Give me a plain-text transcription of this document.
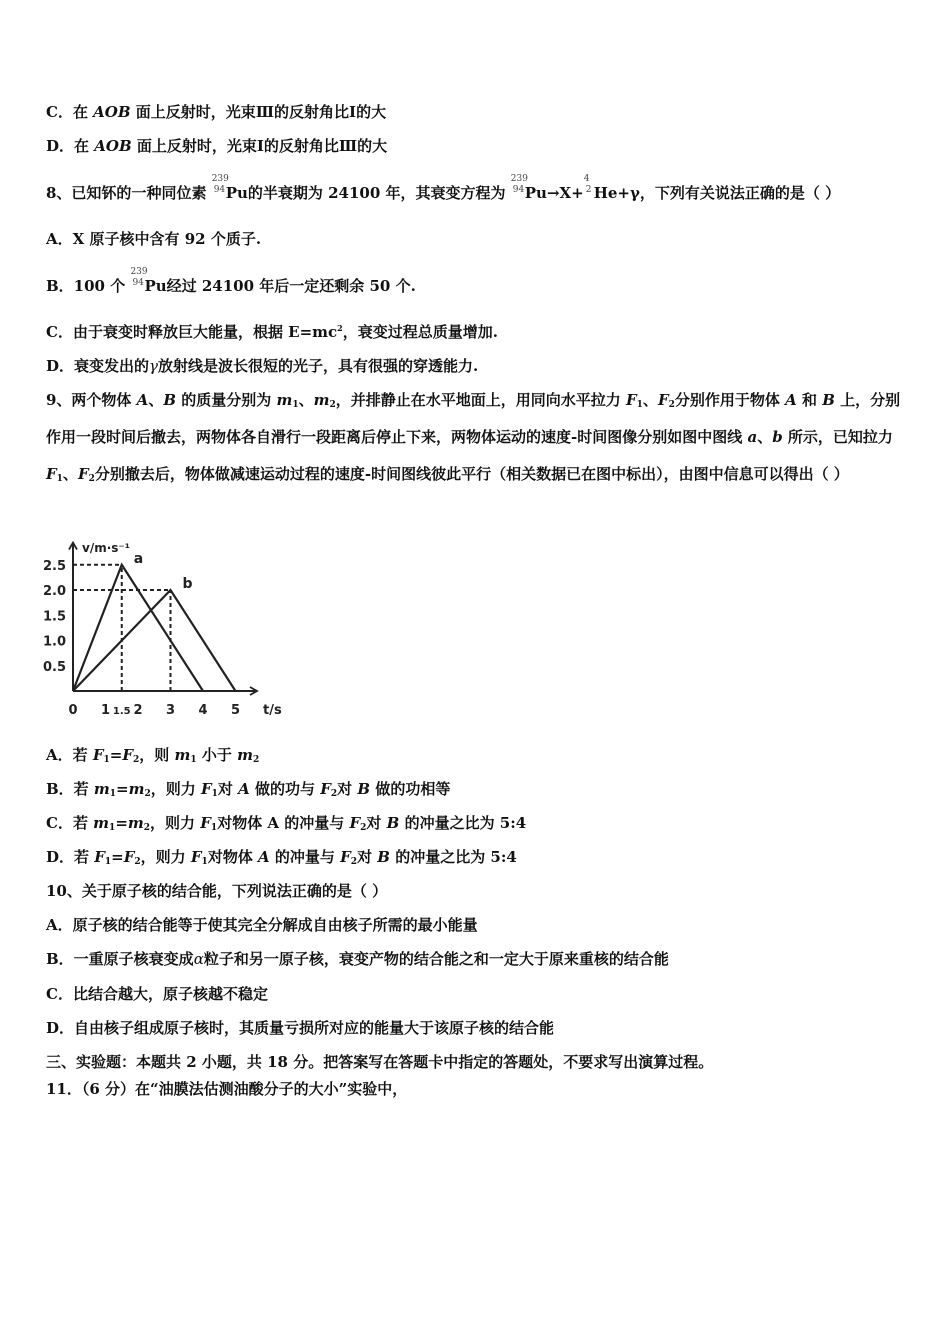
C．在 AOB 面上反射时，光束Ⅲ的反射角比Ⅰ的大
D．在 AOB 面上反射时，光束Ⅰ的反射角比Ⅲ的大
8、已知钚的一种同位素
239
94 Pu的半衰期为 24100 年，其衰变方程为
239
94 Pu→X+
4
2 He+γ，下列有关说法正确的是（ ）
A．X 原子核中含有 92 个质子.
B．100 个
239
94 Pu经过 24100 年后一定还剩余 50 个.
C．由于衰变时释放巨大能量，根据 $E=mc^2$，衰变过程总质量增加.
D．衰变发出的γ放射线是波长很短的光子，具有很强的穿透能力.
9、两个物体 A、B 的质量分别为 $m_1$、$m_2$，并排静止在水平地面上，用同向水平拉力 $F_1$、$F_2$分别作用于物体 A 和 B 上，分别作用一段时间后撤去，两物体各自滑行一段距离后停止下来，两物体运动的速度-时间图像分别如图中图线 a、b 所示，已知拉力 $F_1$、$F_2$分别撤去后，物体做减速运动过程的速度-时间图线彼此平行（相关数据已在图中标出），由图中信息可以得出（ ）
a
b
0 1 1.5 2 3 4 5
0.5
1.0
1.5
2.0
2.5
v/m·s⁻¹
t/s
A．若 $F_1=F_2$，则 $m_1$ 小于 $m_2$
B．若 $m_1=m_2$，则力 $F_1$对 A 做的功与 $F_2$对 B 做的功相等
C．若 $m_1=m_2$，则力 $F_1$对物体 A 的冲量与 $F_2$对 B 的冲量之比为 5:4
D．若 $F_1=F_2$，则力 $F_1$对物体 A 的冲量与 $F_2$对 B 的冲量之比为 5:4
10、关于原子核的结合能，下列说法正确的是（ ）
A．原子核的结合能等于使其完全分解成自由核子所需的最小能量
B．一重原子核衰变成α粒子和另一原子核，衰变产物的结合能之和一定大于原来重核的结合能
C．比结合越大，原子核越不稳定
D．自由核子组成原子核时，其质量亏损所对应的能量大于该原子核的结合能
三、实验题：本题共 2 小题，共 18 分。把答案写在答题卡中指定的答题处，不要求写出演算过程。
11．（6 分）在“油膜法估测油酸分子的大小”实验中，
